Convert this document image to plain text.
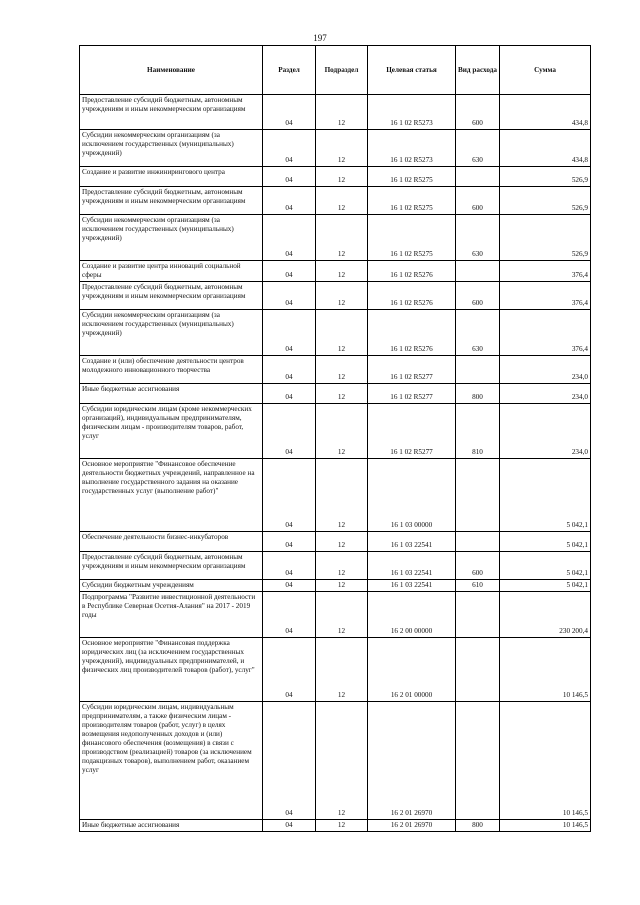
197
Наименование	Раздел	Подраздел	Целевая статья	Вид расхода	Сумма
Предоставление субсидий бюджетным, автономным учреждениям и иным некоммерческим организациям	04	12	16 1 02 R5273	600	434,8
Субсидии некоммерческим организациям (за исключением государственных (муниципальных) учреждений)	04	12	16 1 02 R5273	630	434,8
Создание и развитие инжинирингового центра	04	12	16 1 02 R5275		526,9
Предоставление субсидий бюджетным, автономным учреждениям и иным некоммерческим организациям	04	12	16 1 02 R5275	600	526,9
Субсидии некоммерческим организациям (за исключением государственных (муниципальных) учреждений)	04	12	16 1 02 R5275	630	526,9
Создание и развитие центра инноваций социальной сферы	04	12	16 1 02 R5276		376,4
Предоставление субсидий бюджетным, автономным учреждениям и иным некоммерческим организациям	04	12	16 1 02 R5276	600	376,4
Субсидии некоммерческим организациям (за исключением государственных (муниципальных) учреждений)	04	12	16 1 02 R5276	630	376,4
Создание и (или) обеспечение деятельности центров молодежного инновационного творчества	04	12	16 1 02 R5277		234,0
Иные бюджетные ассигнования	04	12	16 1 02 R5277	800	234,0
Субсидии юридическим лицам (кроме некоммерческих организаций), индивидуальным предпринимателям, физическим лицам - производителям товаров, работ, услуг	04	12	16 1 02 R5277	810	234,0
Основное мероприятие "Финансовое обеспечение деятельности бюджетных учреждений, направленное на выполнение государственного задания на оказание государственных услуг (выполнение работ)"	04	12	16 1 03 00000		5 042,1
Обеспечение деятельности бизнес-инкубаторов	04	12	16 1 03 22541		5 042,1
Предоставление субсидий бюджетным, автономным учреждениям и иным некоммерческим организациям	04	12	16 1 03 22541	600	5 042,1
Субсидии бюджетным учреждениям	04	12	16 1 03 22541	610	5 042,1
Подпрограмма "Развитие инвестиционной деятельности в Республике Северная Осетия-Алания" на 2017 - 2019 годы	04	12	16 2 00 00000		230 200,4
Основное мероприятие "Финансовая поддержка юридических лиц (за исключением государственных учреждений), индивидуальных предпринимателей, и физических лиц производителей товаров (работ), услуг"	04	12	16 2 01 00000		10 146,5
Субсидии юридическим лицам, индивидуальным предпринимателям, а также физическим лицам - производителям товаров (работ, услуг) в целях возмещения недополученных доходов и (или) финансового обеспечения (возмещения) в связи с производством (реализацией) товаров (за исключением подакцизных товаров), выполнением работ, оказанием услуг	04	12	16 2 01 26970		10 146,5
Иные бюджетные ассигнования	04	12	16 2 01 26970	800	10 146,5
